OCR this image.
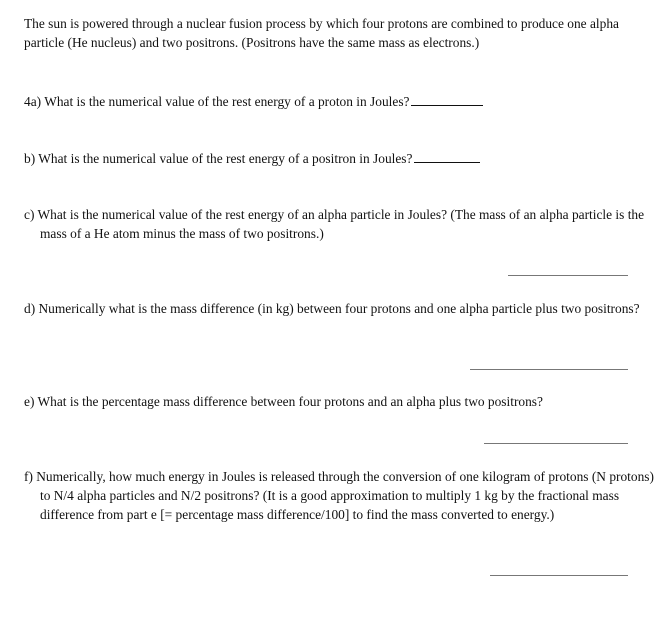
The sun is powered through a nuclear fusion process by which four protons are combined to produce one alpha particle (He nucleus) and two positrons. (Positrons have the same mass as electrons.)
4a) What is the numerical value of the rest energy of a proton in Joules?
b) What is the numerical value of the rest energy of a positron in Joules?
c) What is the numerical value of the rest energy of an alpha particle in Joules? (The mass of an alpha particle is the mass of a He atom minus the mass of two positrons.)
d) Numerically what is the mass difference (in kg) between four protons and one alpha particle plus two positrons?
e) What is the percentage mass difference between four protons and an alpha plus two positrons?
f) Numerically, how much energy in Joules is released through the conversion of one kilogram of protons (N protons) to N/4 alpha particles and N/2 positrons? (It is a good approximation to multiply 1 kg by the fractional mass difference from part e [= percentage mass difference/100] to find the mass converted to energy.)
